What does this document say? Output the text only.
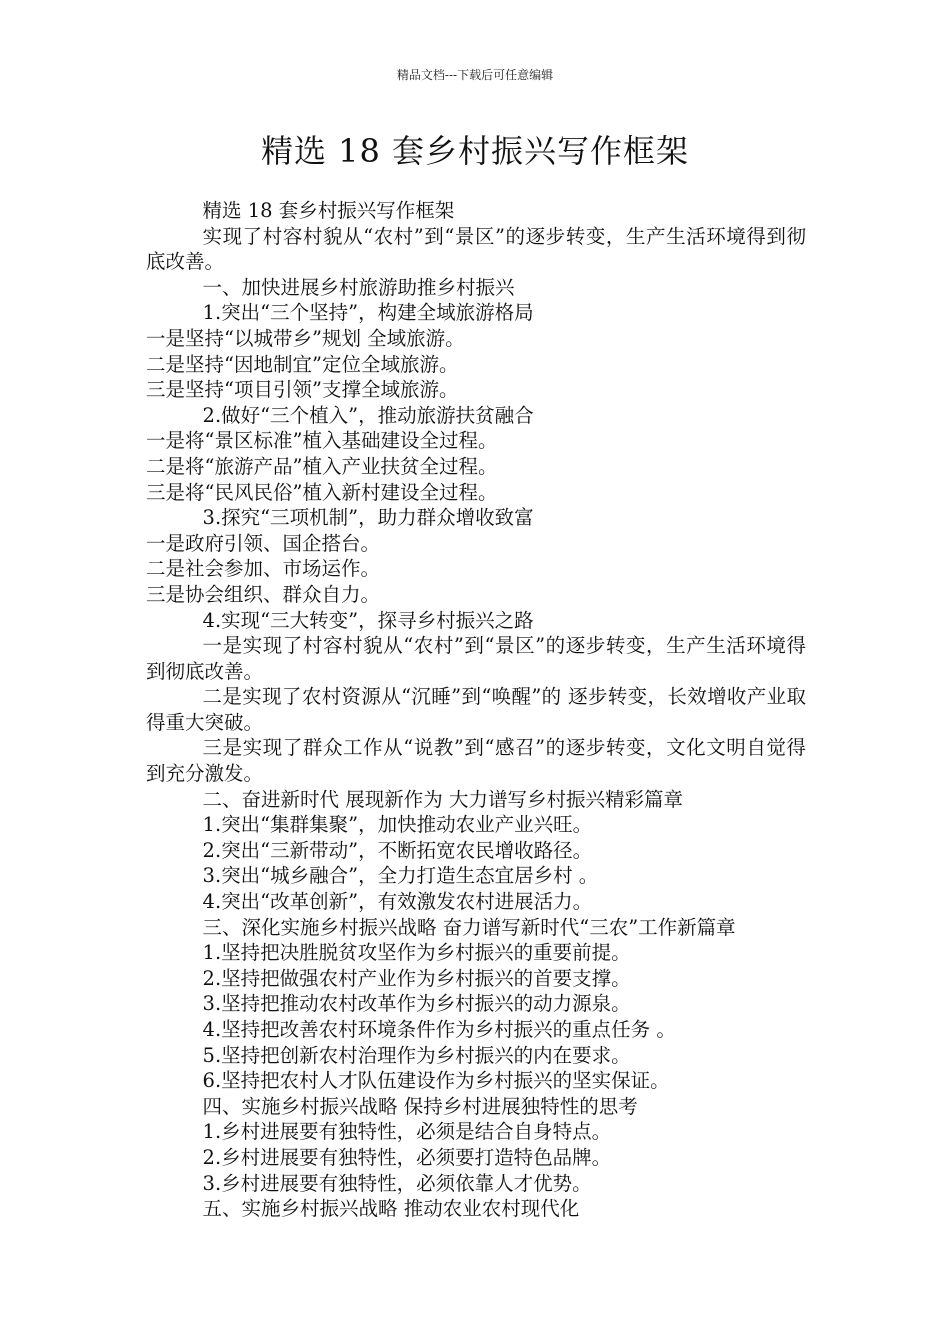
精品文档---下载后可任意编辑
精选 18 套乡村振兴写作框架

精选 18 套乡村振兴写作框架

实现了村容村貌从“农村”到“景区”的逐步转变，生产生活环境得到彻底改善。

一、加快进展乡村旅游助推乡村振兴

1.突出“三个坚持”，构建全域旅游格局

一是坚持“以城带乡”规划 全域旅游。

二是坚持“因地制宜”定位全域旅游。

三是坚持“项目引领”支撑全域旅游。

2.做好“三个植入”，推动旅游扶贫融合

一是将“景区标准”植入基础建设全过程。

二是将“旅游产品”植入产业扶贫全过程。

三是将“民风民俗”植入新村建设全过程。

3.探究“三项机制”，助力群众增收致富

一是政府引领、国企搭台。

二是社会参加、市场运作。

三是协会组织、群众自力。

4.实现“三大转变”，探寻乡村振兴之路

一是实现了村容村貌从“农村”到“景区”的逐步转变，生产生活环境得到彻底改善。

二是实现了农村资源从“沉睡”到“唤醒”的 逐步转变，长效增收产业取得重大突破。

三是实现了群众工作从“说教”到“感召”的逐步转变，文化文明自觉得到充分激发。

二、奋进新时代 展现新作为 大力谱写乡村振兴精彩篇章

1.突出“集群集聚”，加快推动农业产业兴旺。

2.突出“三新带动”，不断拓宽农民增收路径。

3.突出“城乡融合”，全力打造生态宜居乡村 。

4.突出“改革创新”，有效激发农村进展活力。

三、深化实施乡村振兴战略 奋力谱写新时代“三农”工作新篇章

1.坚持把决胜脱贫攻坚作为乡村振兴的重要前提。

2.坚持把做强农村产业作为乡村振兴的首要支撑。

3.坚持把推动农村改革作为乡村振兴的动力源泉。

4.坚持把改善农村环境条件作为乡村振兴的重点任务 。

5.坚持把创新农村治理作为乡村振兴的内在要求。

6.坚持把农村人才队伍建设作为乡村振兴的坚实保证。

四、实施乡村振兴战略 保持乡村进展独特性的思考

1.乡村进展要有独特性，必须是结合自身特点。

2.乡村进展要有独特性，必须要打造特色品牌。

3.乡村进展要有独特性，必须依靠人才优势。

五、实施乡村振兴战略 推动农业农村现代化
